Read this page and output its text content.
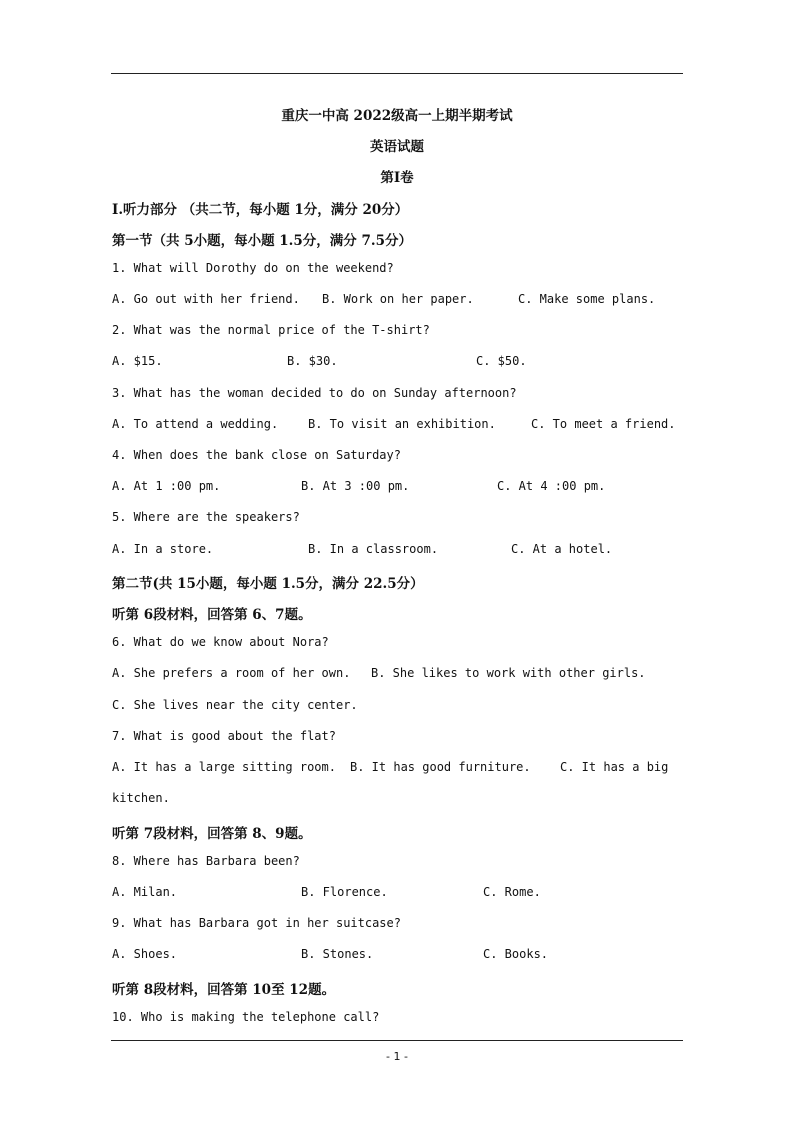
重庆一中高 2022级高一上期半期考试
英语试题
第Ⅰ卷
Ⅰ.听力部分 （共二节，每小题 1分，满分 20分）
第一节（共 5小题，每小题 1.5分，满分 7.5分）
1. What will Dorothy do on the weekend?
A. Go out with her friend. B. Work on her paper.	C. Make some plans.
2. What was the normal price of the T-shirt?
A. $15.	B. $30.	C. $50.
3. What has the woman decided to do on Sunday afternoon?
A. To attend a wedding. B. To visit an exhibition.	C. To meet a friend.
4. When does the bank close on Saturday?
A. At 1 :00 pm.	B. At 3 :00 pm.	C. At 4 :00 pm.
5. Where are the speakers?
A. In a store.	B. In a classroom.	C. At a hotel.
第二节(共 15小题，每小题 1.5分，满分 22.5分）
听第 6段材料，回答第 6、7题。
6. What do we know about Nora?
A. She prefers a room of her own. B. She likes to work with other girls.
C. She lives near the city center.
7. What is good about the flat?
A. It has a large sitting room. B. It has good furniture. C. It has a big
kitchen.
听第 7段材料，回答第 8、9题。
8. Where has Barbara been?
A. Milan.	B. Florence.	C. Rome.
9. What has Barbara got in her suitcase?
A. Shoes.	B. Stones.	C. Books.
听第 8段材料，回答第 10至 12题。
10. Who is making the telephone call?
- 1 -
